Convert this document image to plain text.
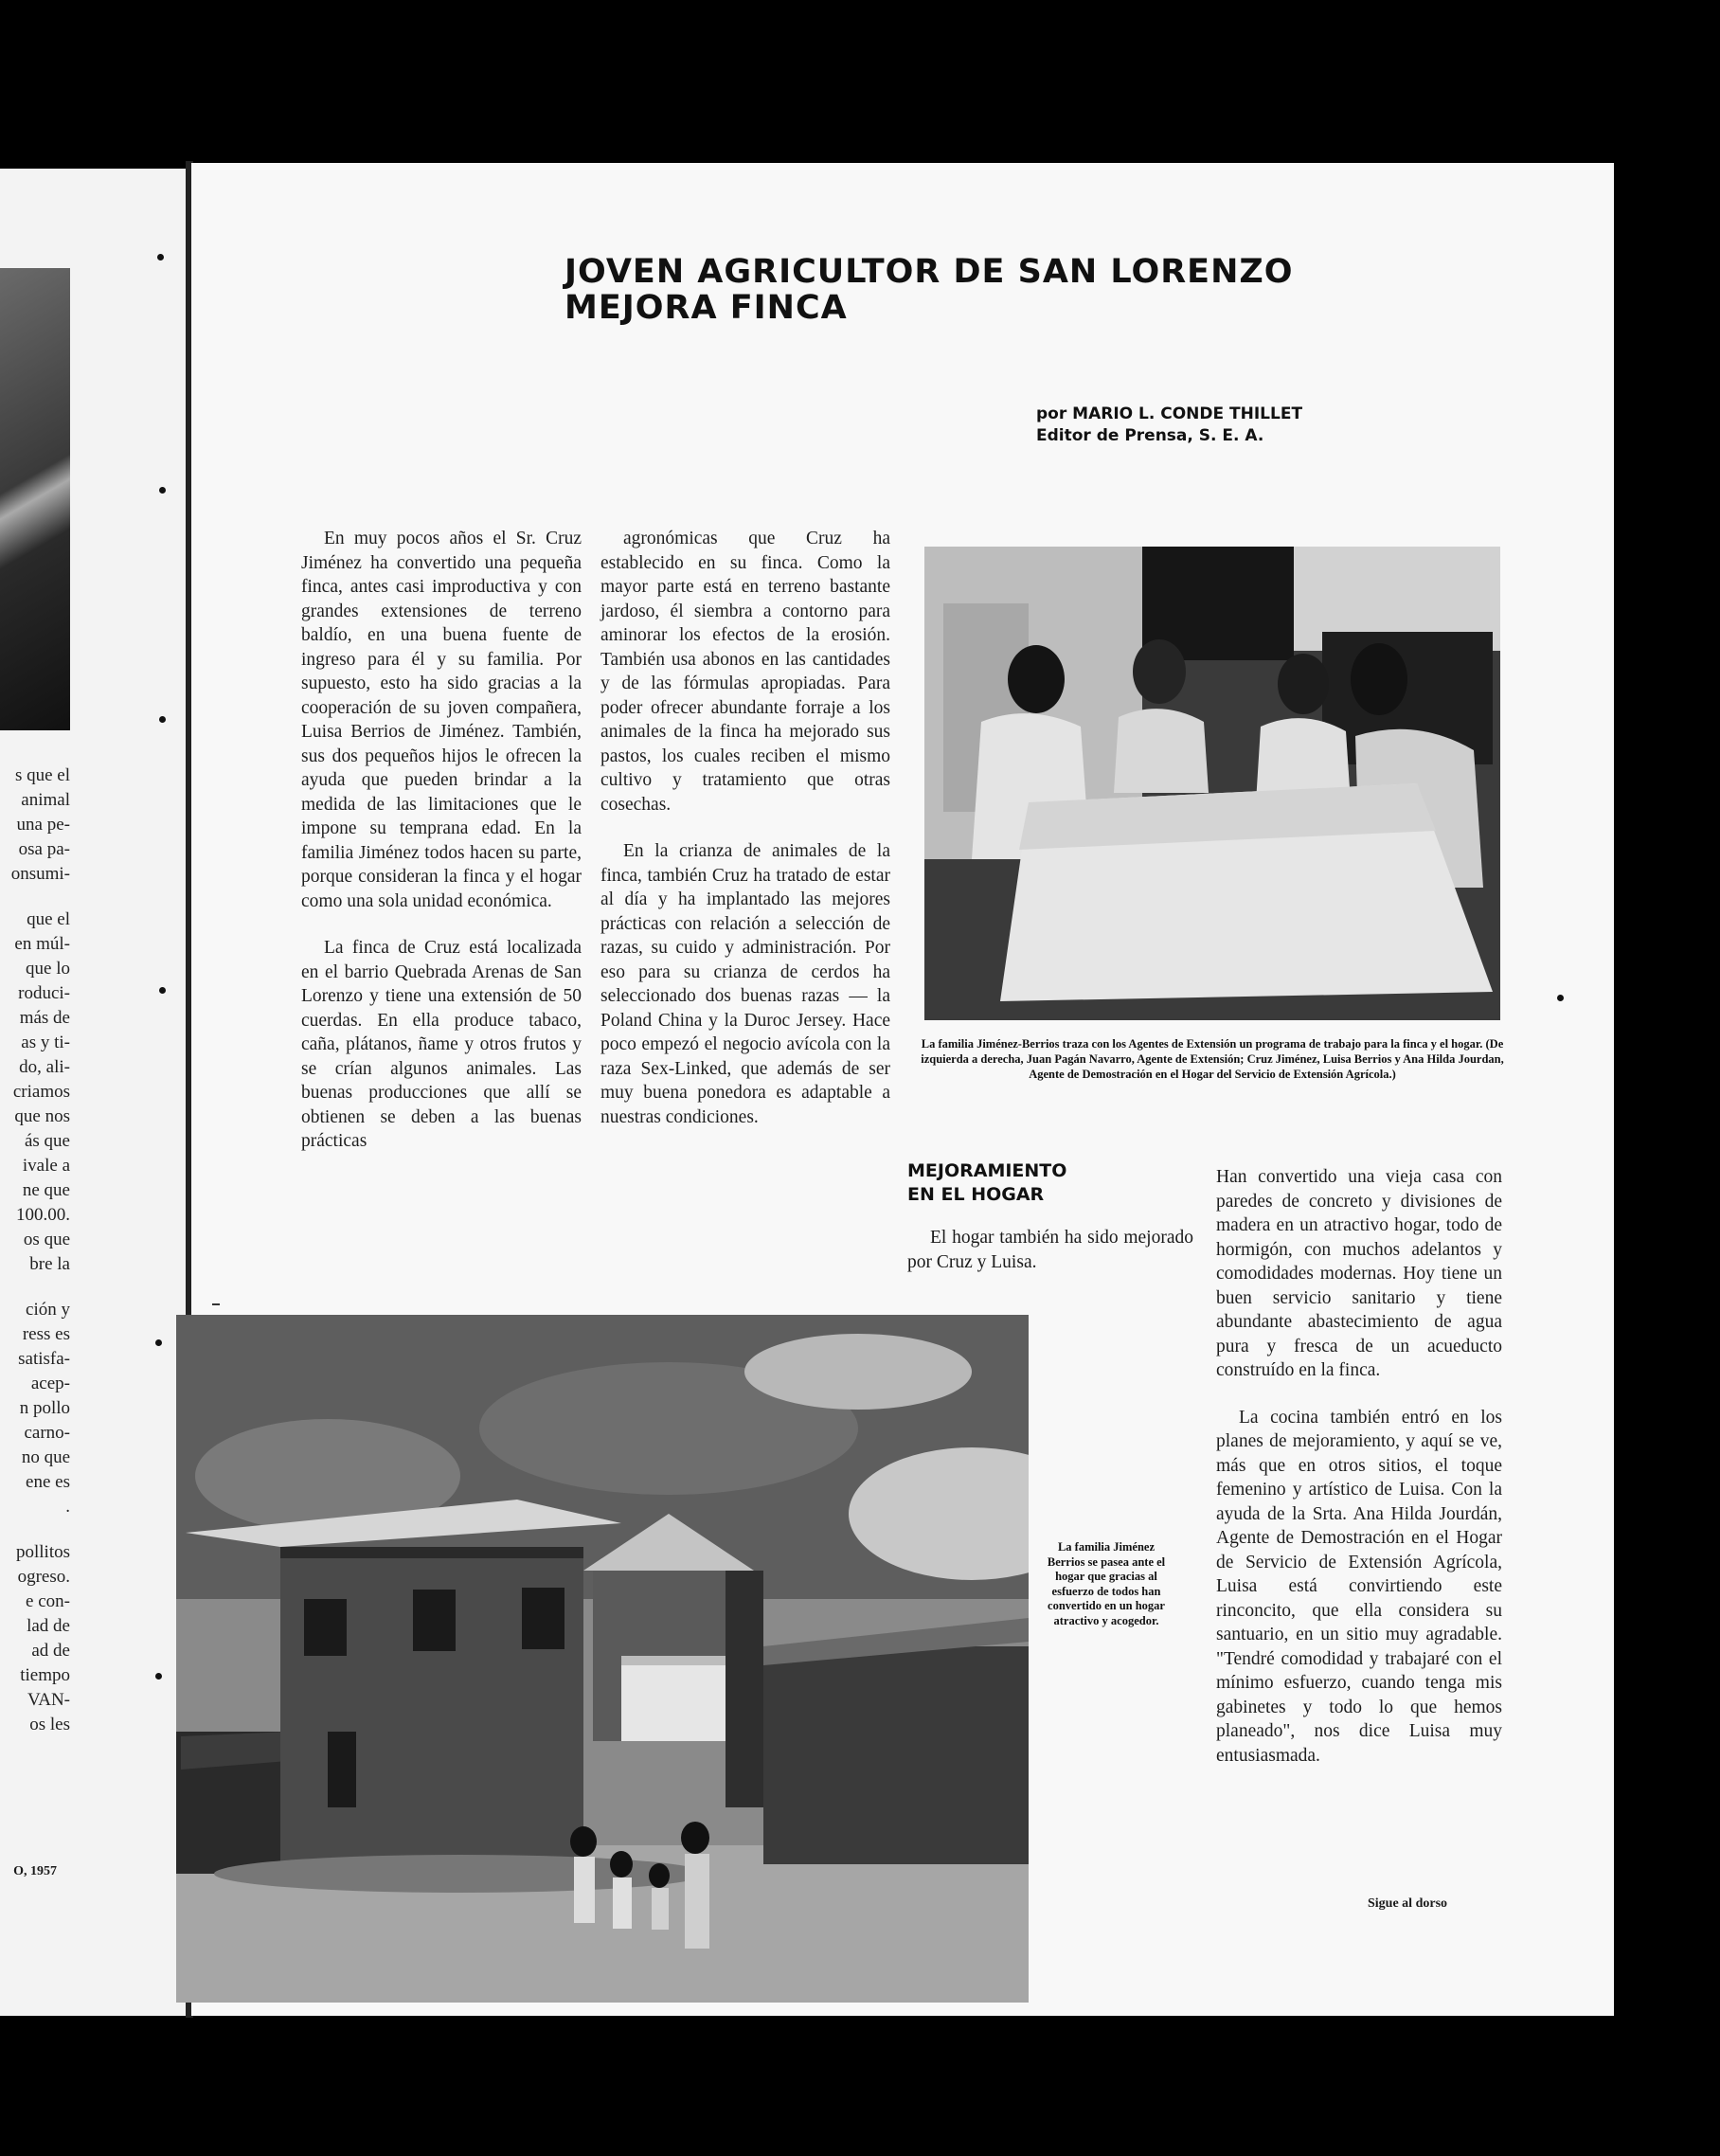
s que el
animal
una pe-
osa pa-
onsumi-

que el
en múl-
que lo
roduci-
más de
as y ti-
do, ali-
criamos
que nos
ás que
ivale a
ne que
100.00.
os que
bre la

ción y
ress es
satisfa-
acep-
n pollo
carno-
no que
ene es
.

pollitos
ogreso.
e con-
lad de
ad de
tiempo
VAN-
os les

O, 1957
JOVEN AGRICULTOR DE SAN LORENZO
MEJORA FINCA
por MARIO L. CONDE THILLET
Editor de Prensa, S. E. A.

En muy pocos años el Sr. Cruz Jiménez ha convertido una pequeña finca, antes casi improductiva y con grandes extensiones de terreno baldío, en una buena fuente de ingreso para él y su familia. Por supuesto, esto ha sido gracias a la cooperación de su joven compañera, Luisa Berrios de Jiménez. También, sus dos pequeños hijos le ofrecen la ayuda que pueden brindar a la medida de las limitaciones que le impone su temprana edad. En la familia Jiménez todos hacen su parte, porque consideran la finca y el hogar como una sola unidad económica.

La finca de Cruz está localizada en el barrio Quebrada Arenas de San Lorenzo y tiene una extensión de 50 cuerdas. En ella produce tabaco, caña, plátanos, ñame y otros frutos y se crían algunos animales. Las buenas producciones que allí se obtienen se deben a las buenas prácticas

agronómicas que Cruz ha establecido en su finca. Como la mayor parte está en terreno bastante jardoso, él siembra a contorno para aminorar los efectos de la erosión. También usa abonos en las cantidades y de las fórmulas apropiadas. Para poder ofrecer abundante forraje a los animales de la finca ha mejorado sus pastos, los cuales reciben el mismo cultivo y tratamiento que otras cosechas.

En la crianza de animales de la finca, también Cruz ha tratado de estar al día y ha implantado las mejores prácticas con relación a selección de razas, su cuido y administración. Por eso para su crianza de cerdos ha seleccionado dos buenas razas — la Poland China y la Duroc Jersey. Hace poco empezó el negocio avícola con la raza Sex-Linked, que además de ser muy buena ponedora es adaptable a nuestras condiciones.

La familia Jiménez-Berrios traza con los Agentes de Extensión un programa de trabajo para la finca y el hogar. (De izquierda a derecha, Juan Pagán Navarro, Agente de Extensión; Cruz Jiménez, Luisa Berrios y Ana Hilda Jourdan, Agente de Demostración en el Hogar del Servicio de Extensión Agrícola.)
MEJORAMIENTO
EN EL HOGAR
El hogar también ha sido mejorado por Cruz y Luisa.

Han convertido una vieja casa con paredes de concreto y divisiones de madera en un atractivo hogar, todo de hormigón, con muchos adelantos y comodidades modernas. Hoy tiene un buen servicio sanitario y tiene abundante abastecimiento de agua pura y fresca de un acueducto construído en la finca.

La cocina también entró en los planes de mejoramiento, y aquí se ve, más que en otros sitios, el toque femenino y artístico de Luisa. Con la ayuda de la Srta. Ana Hilda Jourdán, Agente de Demostración en el Hogar de Servicio de Extensión Agrícola, Luisa está convirtiendo este rinconcito, que ella considera su santuario, en un sitio muy agradable. "Tendré comodidad y trabajaré con el mínimo esfuerzo, cuando tenga mis gabinetes y todo lo que hemos planeado", nos dice Luisa muy entusiasmada.

La familia Jiménez Berrios se pasea ante el hogar que gracias al esfuerzo de todos han convertido en un hogar atractivo y acogedor.
Sigue al dorso
